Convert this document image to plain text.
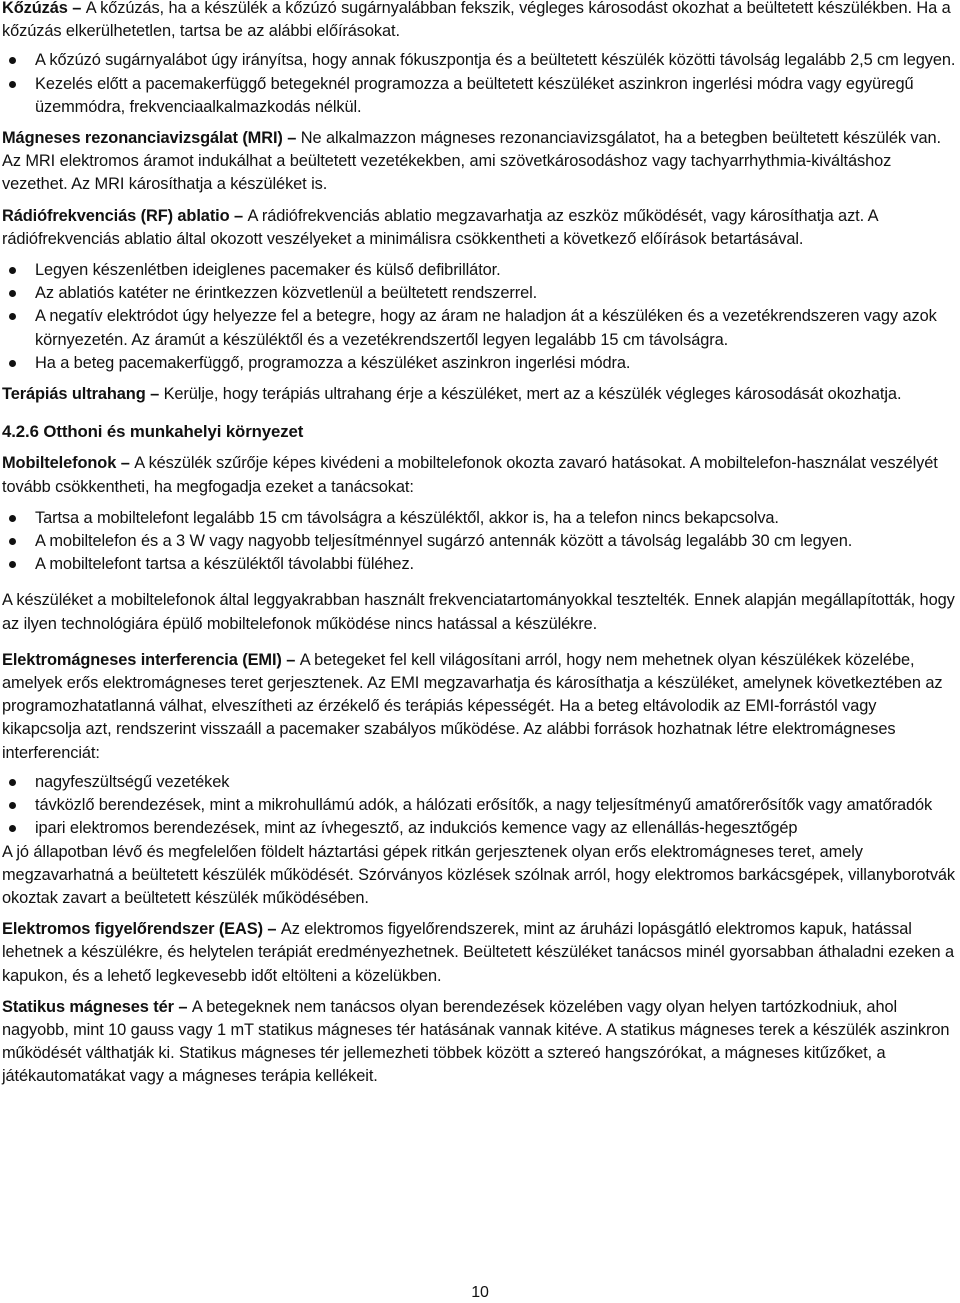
Kőzúzás – A kőzúzás, ha a készülék a kőzúzó sugárnyalábban fekszik, végleges károsodást okozhat a beültetett készülékben. Ha a kőzúzás elkerülhetetlen, tartsa be az alábbi előírásokat.

A kőzúzó sugárnyalábot úgy irányítsa, hogy annak fókuszpontja és a beültetett készülék közötti távolság legalább 2,5 cm legyen.
Kezelés előtt a pacemakerfüggő betegeknél programozza a beültetett készüléket aszinkron ingerlési módra vagy együregű üzemmódra, frekvenciaalkalmazkodás nélkül.

Mágneses rezonanciavizsgálat (MRI) – Ne alkalmazzon mágneses rezonanciavizsgálatot, ha a betegben beültetett készülék van. Az MRI elektromos áramot indukálhat a beültetett vezetékekben, ami szövetkárosodáshoz vagy tachyarrhythmia-kiváltáshoz vezethet. Az MRI károsíthatja a készüléket is.

Rádiófrekvenciás (RF) ablatio – A rádiófrekvenciás ablatio megzavarhatja az eszköz működését, vagy károsíthatja azt. A rádiófrekvenciás ablatio által okozott veszélyeket a minimálisra csökkentheti a következő előírások betartásával.

Legyen készenlétben ideiglenes pacemaker és külső defibrillátor.
Az ablatiós katéter ne érintkezzen közvetlenül a beültetett rendszerrel.
A negatív elektródot úgy helyezze fel a betegre, hogy az áram ne haladjon át a készüléken és a vezetékrendszeren vagy azok környezetén. Az áramút a készüléktől és a vezetékrendszertől legyen legalább 15 cm távolságra.
Ha a beteg pacemakerfüggő, programozza a készüléket aszinkron ingerlési módra.

Terápiás ultrahang – Kerülje, hogy terápiás ultrahang érje a készüléket, mert az a készülék végleges károsodását okozhatja.

4.2.6 Otthoni és munkahelyi környezet

Mobiltelefonok – A készülék szűrője képes kivédeni a mobiltelefonok okozta zavaró hatásokat. A mobiltelefon-használat veszélyét tovább csökkentheti, ha megfogadja ezeket a tanácsokat:

Tartsa a mobiltelefont legalább 15 cm távolságra a készüléktől, akkor is, ha a telefon nincs bekapcsolva.
A mobiltelefon és a 3 W vagy nagyobb teljesítménnyel sugárzó antennák között a távolság legalább 30 cm legyen.
A mobiltelefont tartsa a készüléktől távolabbi füléhez.

A készüléket a mobiltelefonok által leggyakrabban használt frekvenciatartományokkal tesztelték. Ennek alapján megállapították, hogy az ilyen technológiára épülő mobiltelefonok működése nincs hatással a készülékre.

Elektromágneses interferencia (EMI) – A betegeket fel kell világosítani arról, hogy nem mehetnek olyan készülékek közelébe, amelyek erős elektromágneses teret gerjesztenek. Az EMI megzavarhatja és károsíthatja a készüléket, amelynek következtében az programozhatatlanná válhat, elveszítheti az érzékelő és terápiás képességét. Ha a beteg eltávolodik az EMI-forrástól vagy kikapcsolja azt, rendszerint visszaáll a pacemaker szabályos működése. Az alábbi források hozhatnak létre elektromágneses interferenciát:

nagyfeszültségű vezetékek
távközlő berendezések, mint a mikrohullámú adók, a hálózati erősítők, a nagy teljesítményű amatőrerősítők vagy amatőradók
ipari elektromos berendezések, mint az ívhegesztő, az indukciós kemence vagy az ellenállás-hegesztőgép

A jó állapotban lévő és megfelelően földelt háztartási gépek ritkán gerjesztenek olyan erős elektromágneses teret, amely megzavarhatná a beültetett készülék működését. Szórványos közlések szólnak arról, hogy elektromos barkácsgépek, villanyborotvák okoztak zavart a beültetett készülék működésében.

Elektromos figyelőrendszer (EAS) – Az elektromos figyelőrendszerek, mint az áruházi lopásgátló elektromos kapuk, hatással lehetnek a készülékre, és helytelen terápiát eredményezhetnek. Beültetett készüléket tanácsos minél gyorsabban áthaladni ezeken a kapukon, és a lehető legkevesebb időt eltölteni a közelükben.

Statikus mágneses tér – A betegeknek nem tanácsos olyan berendezések közelében vagy olyan helyen tartózkodniuk, ahol nagyobb, mint 10 gauss vagy 1 mT statikus mágneses tér hatásának vannak kitéve. A statikus mágneses terek a készülék aszinkron működését válthatják ki. Statikus mágneses tér jellemezheti többek között a sztereó hangszórókat, a mágneses kitűzőket, a játékautomatákat vagy a mágneses terápia kellékeit.

10
